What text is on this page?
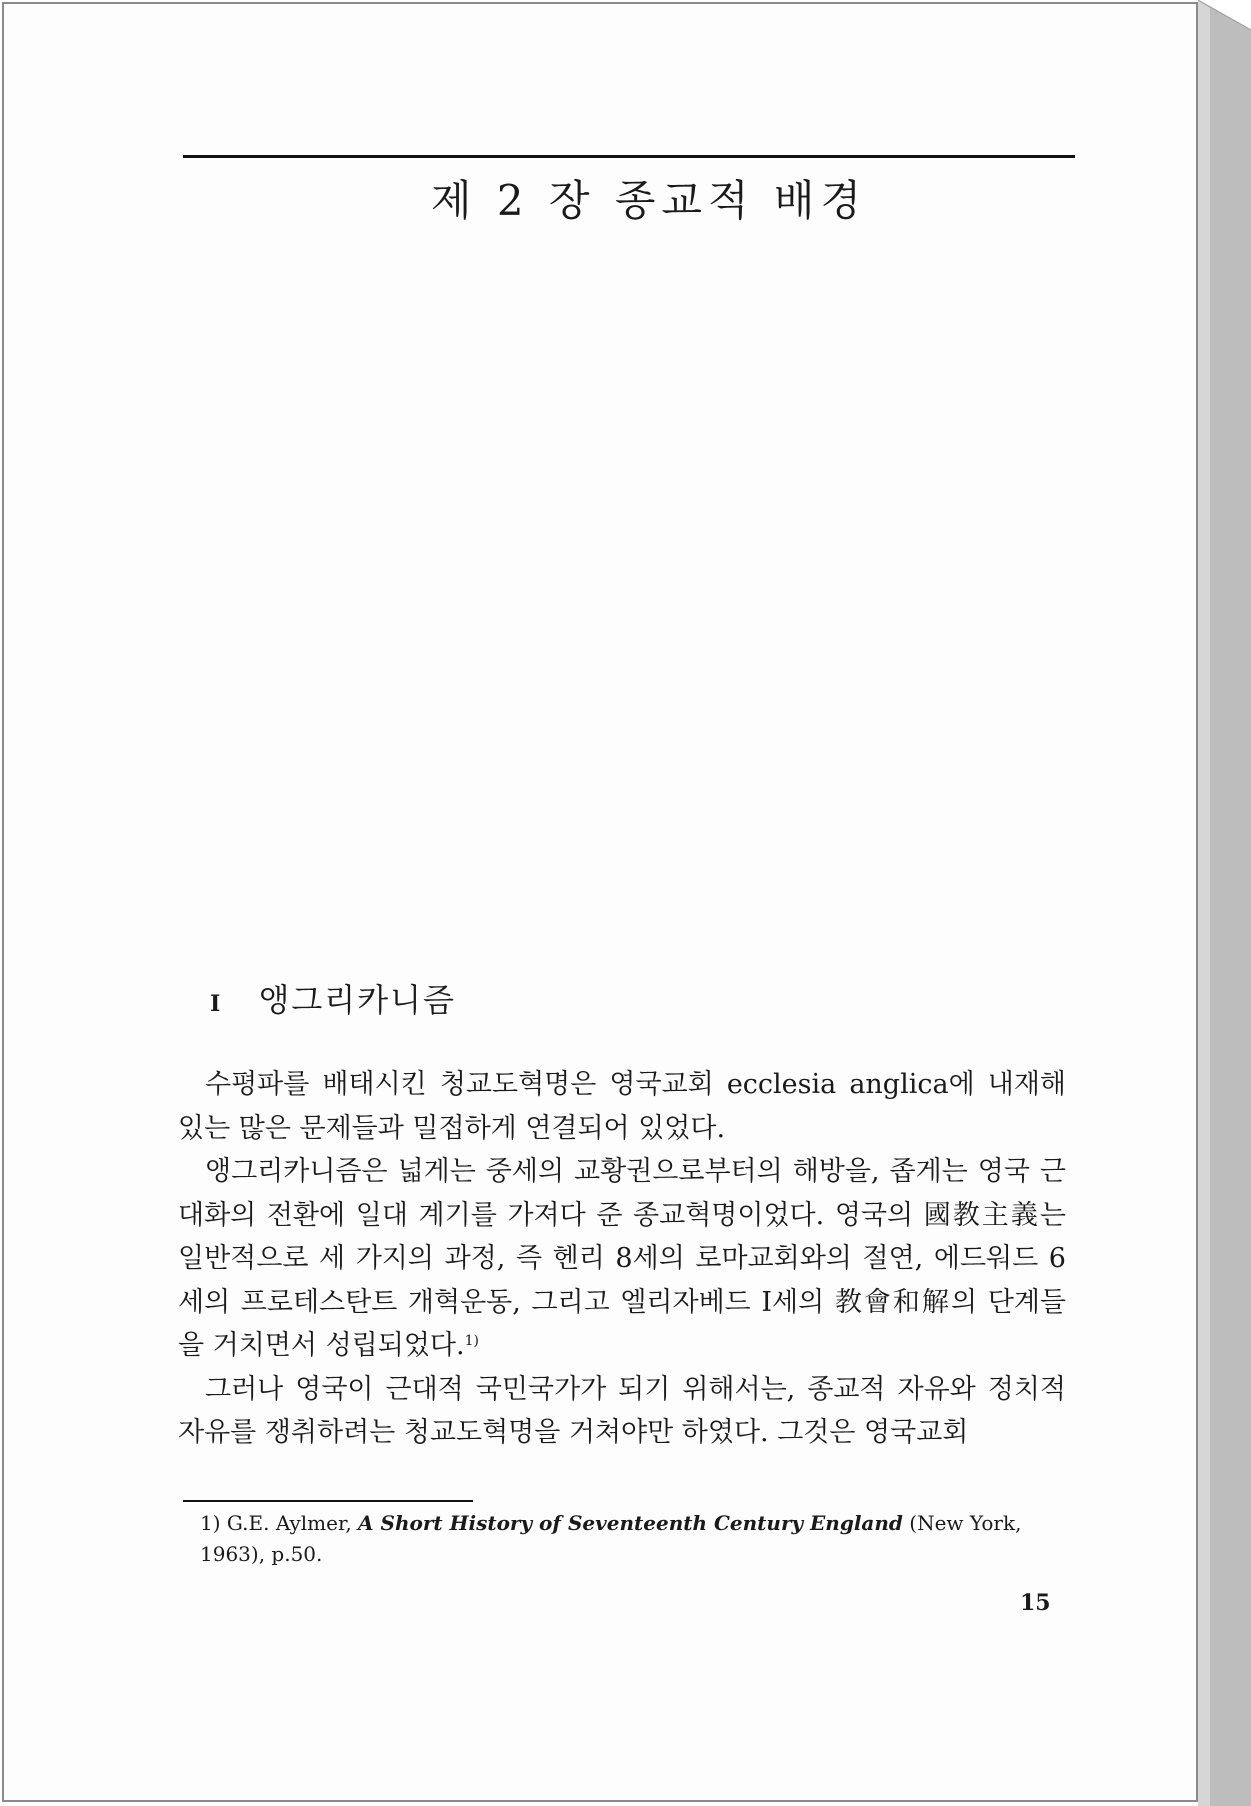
제 2 장 종교적 배경
I 앵그리카니즘

수평파를 배태시킨 청교도혁명은 영국교회 ecclesia anglica에 내재해 있는 많은 문제들과 밀접하게 연결되어 있었다.

앵그리카니즘은 넓게는 중세의 교황권으로부터의 해방을, 좁게는 영국 근대화의 전환에 일대 계기를 가져다 준 종교혁명이었다. 영국의 國教主義는 일반적으로 세 가지의 과정, 즉 헨리 8세의 로마교회와의 절연, 에드워드 6세의 프로테스탄트 개혁운동, 그리고 엘리자베드 I세의 教會和解의 단계들을 거치면서 성립되었다.$^{1)}$

그러나 영국이 근대적 국민국가가 되기 위해서는, 종교적 자유와 정치적 자유를 쟁취하려는 청교도혁명을 거쳐야만 하였다. 그것은 영국교회

1) G.E. Aylmer, A Short History of Seventeenth Century England (New York, 1963), p.50.
15
